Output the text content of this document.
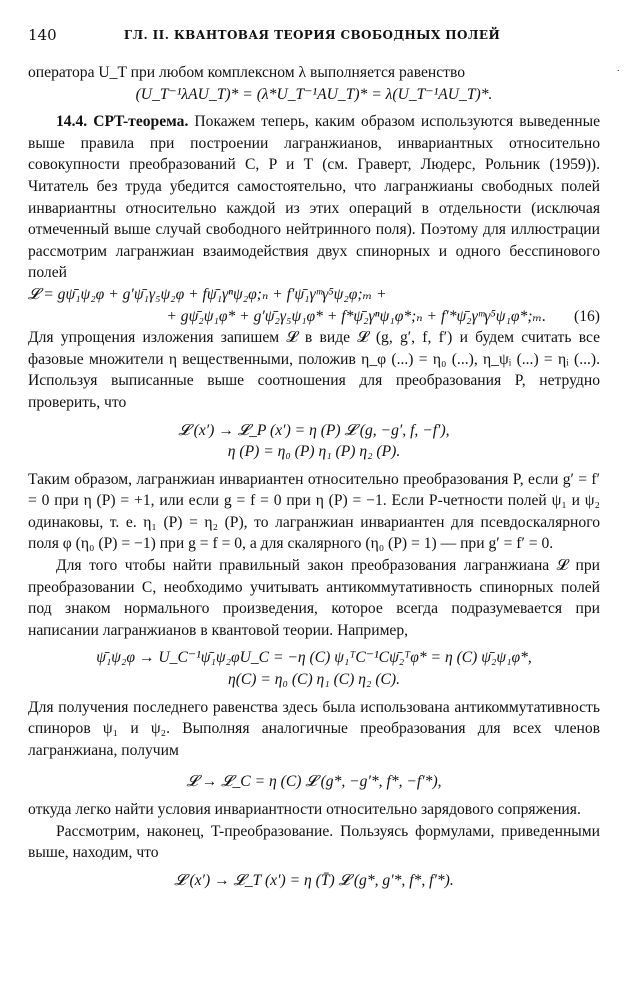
140	ГЛ. II. КВАНТОВАЯ ТЕОРИЯ СВОБОДНЫХ ПОЛЕЙ

оператора U_T при любом комплексном λ выполняется равенство	˙

(U_T⁻¹λAU_T)* = (λ*U_T⁻¹AU_T)* = λ(U_T⁻¹AU_T)*.

14.4. CPT-теорема. Покажем теперь, каким образом используются выведенные выше правила при построении лагранжианов, инвариантных относительно совокупности преобразований C, P и T (см. Граверт, Людерс, Рольник (1959)). Читатель без труда убедится самостоятельно, что лагранжианы свободных полей инвариантны относительно каждой из этих операций в отдельности (исключая отмеченный выше случай свободного нейтринного поля). Поэтому для иллюстрации рассмотрим лагранжиан взаимодействия двух спинорных и одного бесспинового полей

𝓛 = gψ̄₁ψ₂φ + g′ψ̄₁γ₅ψ₂φ + fψ̄₁γⁿψ₂φ;ₙ + f′ψ̄₁γᵐγ⁵ψ₂φ;ₘ +
+ gψ̄₂ψ₁φ* + g′ψ̄₂γ₅ψ₁φ* + f*ψ̄₂γⁿψ₁φ*;ₙ + f′*ψ̄₂γᵐγ⁵ψ₁φ*;ₘ. (16)

Для упрощения изложения запишем 𝓛 в виде 𝓛 (g, g′, f, f′) и будем считать все фазовые множители η вещественными, положив η_φ (...) = η₀ (...), η_ψᵢ (...) = ηᵢ (...). Используя выписанные выше соотношения для преобразования P, нетрудно проверить, что

𝓛 (x′) → 𝓛_P (x′) = η (P) 𝓛 (g, −g′, f, −f′),

η (P) = η₀ (P) η₁ (P) η₂ (P).

Таким образом, лагранжиан инвариантен относительно преобразования P, если g′ = f′ = 0 при η (P) = +1, или если g = f = 0 при η (P) = −1. Если P-четности полей ψ₁ и ψ₂ одинаковы, т. е. η₁ (P) = η₂ (P), то лагранжиан инвариантен для псевдоскалярного поля φ (η₀ (P) = −1) при g = f = 0, а для скалярного (η₀ (P) = 1) — при g′ = f′ = 0.

Для того чтобы найти правильный закон преобразования лагранжиана 𝓛 при преобразовании C, необходимо учитывать антикоммутативность спинорных полей под знаком нормального произведения, которое всегда подразумевается при написании лагранжианов в квантовой теории. Например,

ψ̄₁ψ₂φ → U_C⁻¹ψ̄₁ψ₂φU_C = −η (C) ψ₁ᵀC⁻¹Cψ̄₂ᵀφ* = η (C) ψ̄₂ψ₁φ*,

η(C) = η₀ (C) η₁ (C) η₂ (C).

Для получения последнего равенства здесь была использована антикоммутативность спиноров ψ₁ и ψ₂. Выполняя аналогичные преобразования для всех членов лагранжиана, получим

𝓛 → 𝓛_C = η (C) 𝓛 (g*, −g′*, f*, −f′*),

откуда легко найти условия инвариантности относительно зарядового сопряжения.

Рассмотрим, наконец, T-преобразование. Пользуясь формулами, приведенными выше, находим, что

𝓛 (x′) → 𝓛_T (x′) = η (T̄) 𝓛 (g*, g′*, f*, f′*).
